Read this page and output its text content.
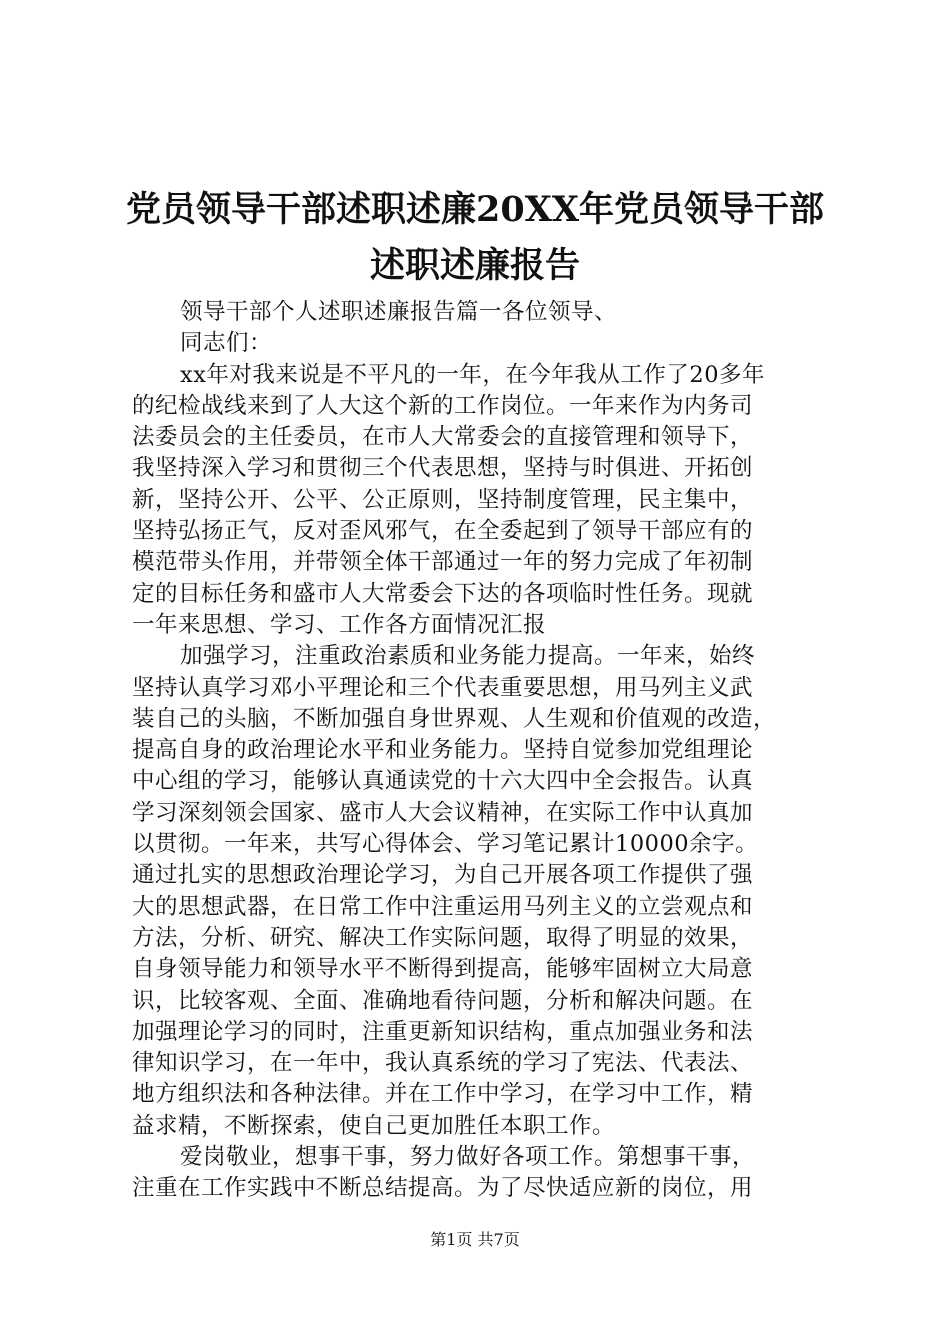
党员领导干部述职述廉20XX年党员领导干部
述职述廉报告
领导干部个人述职述廉报告篇一各位领导、
同志们：
xx年对我来说是不平凡的一年，在今年我从工作了20多年
的纪检战线来到了人大这个新的工作岗位。一年来作为内务司
法委员会的主任委员，在市人大常委会的直接管理和领导下，
我坚持深入学习和贯彻三个代表思想，坚持与时俱进、开拓创
新，坚持公开、公平、公正原则，坚持制度管理，民主集中，
坚持弘扬正气，反对歪风邪气，在全委起到了领导干部应有的
模范带头作用，并带领全体干部通过一年的努力完成了年初制
定的目标任务和盛市人大常委会下达的各项临时性任务。现就
一年来思想、学习、工作各方面情况汇报
加强学习，注重政治素质和业务能力提高。一年来，始终
坚持认真学习邓小平理论和三个代表重要思想，用马列主义武
装自己的头脑，不断加强自身世界观、人生观和价值观的改造，
提高自身的政治理论水平和业务能力。坚持自觉参加党组理论
中心组的学习，能够认真通读党的十六大四中全会报告。认真
学习深刻领会国家、盛市人大会议精神，在实际工作中认真加
以贯彻。一年来，共写心得体会、学习笔记累计10000余字。
通过扎实的思想政治理论学习，为自己开展各项工作提供了强
大的思想武器，在日常工作中注重运用马列主义的立尝观点和
方法，分析、研究、解决工作实际问题，取得了明显的效果，
自身领导能力和领导水平不断得到提高，能够牢固树立大局意
识，比较客观、全面、准确地看待问题，分析和解决问题。在
加强理论学习的同时，注重更新知识结构，重点加强业务和法
律知识学习，在一年中，我认真系统的学习了宪法、代表法、
地方组织法和各种法律。并在工作中学习，在学习中工作，精
益求精，不断探索，使自己更加胜任本职工作。
爱岗敬业，想事干事，努力做好各项工作。第想事干事，
注重在工作实践中不断总结提高。为了尽快适应新的岗位，用
第1页 共7页
